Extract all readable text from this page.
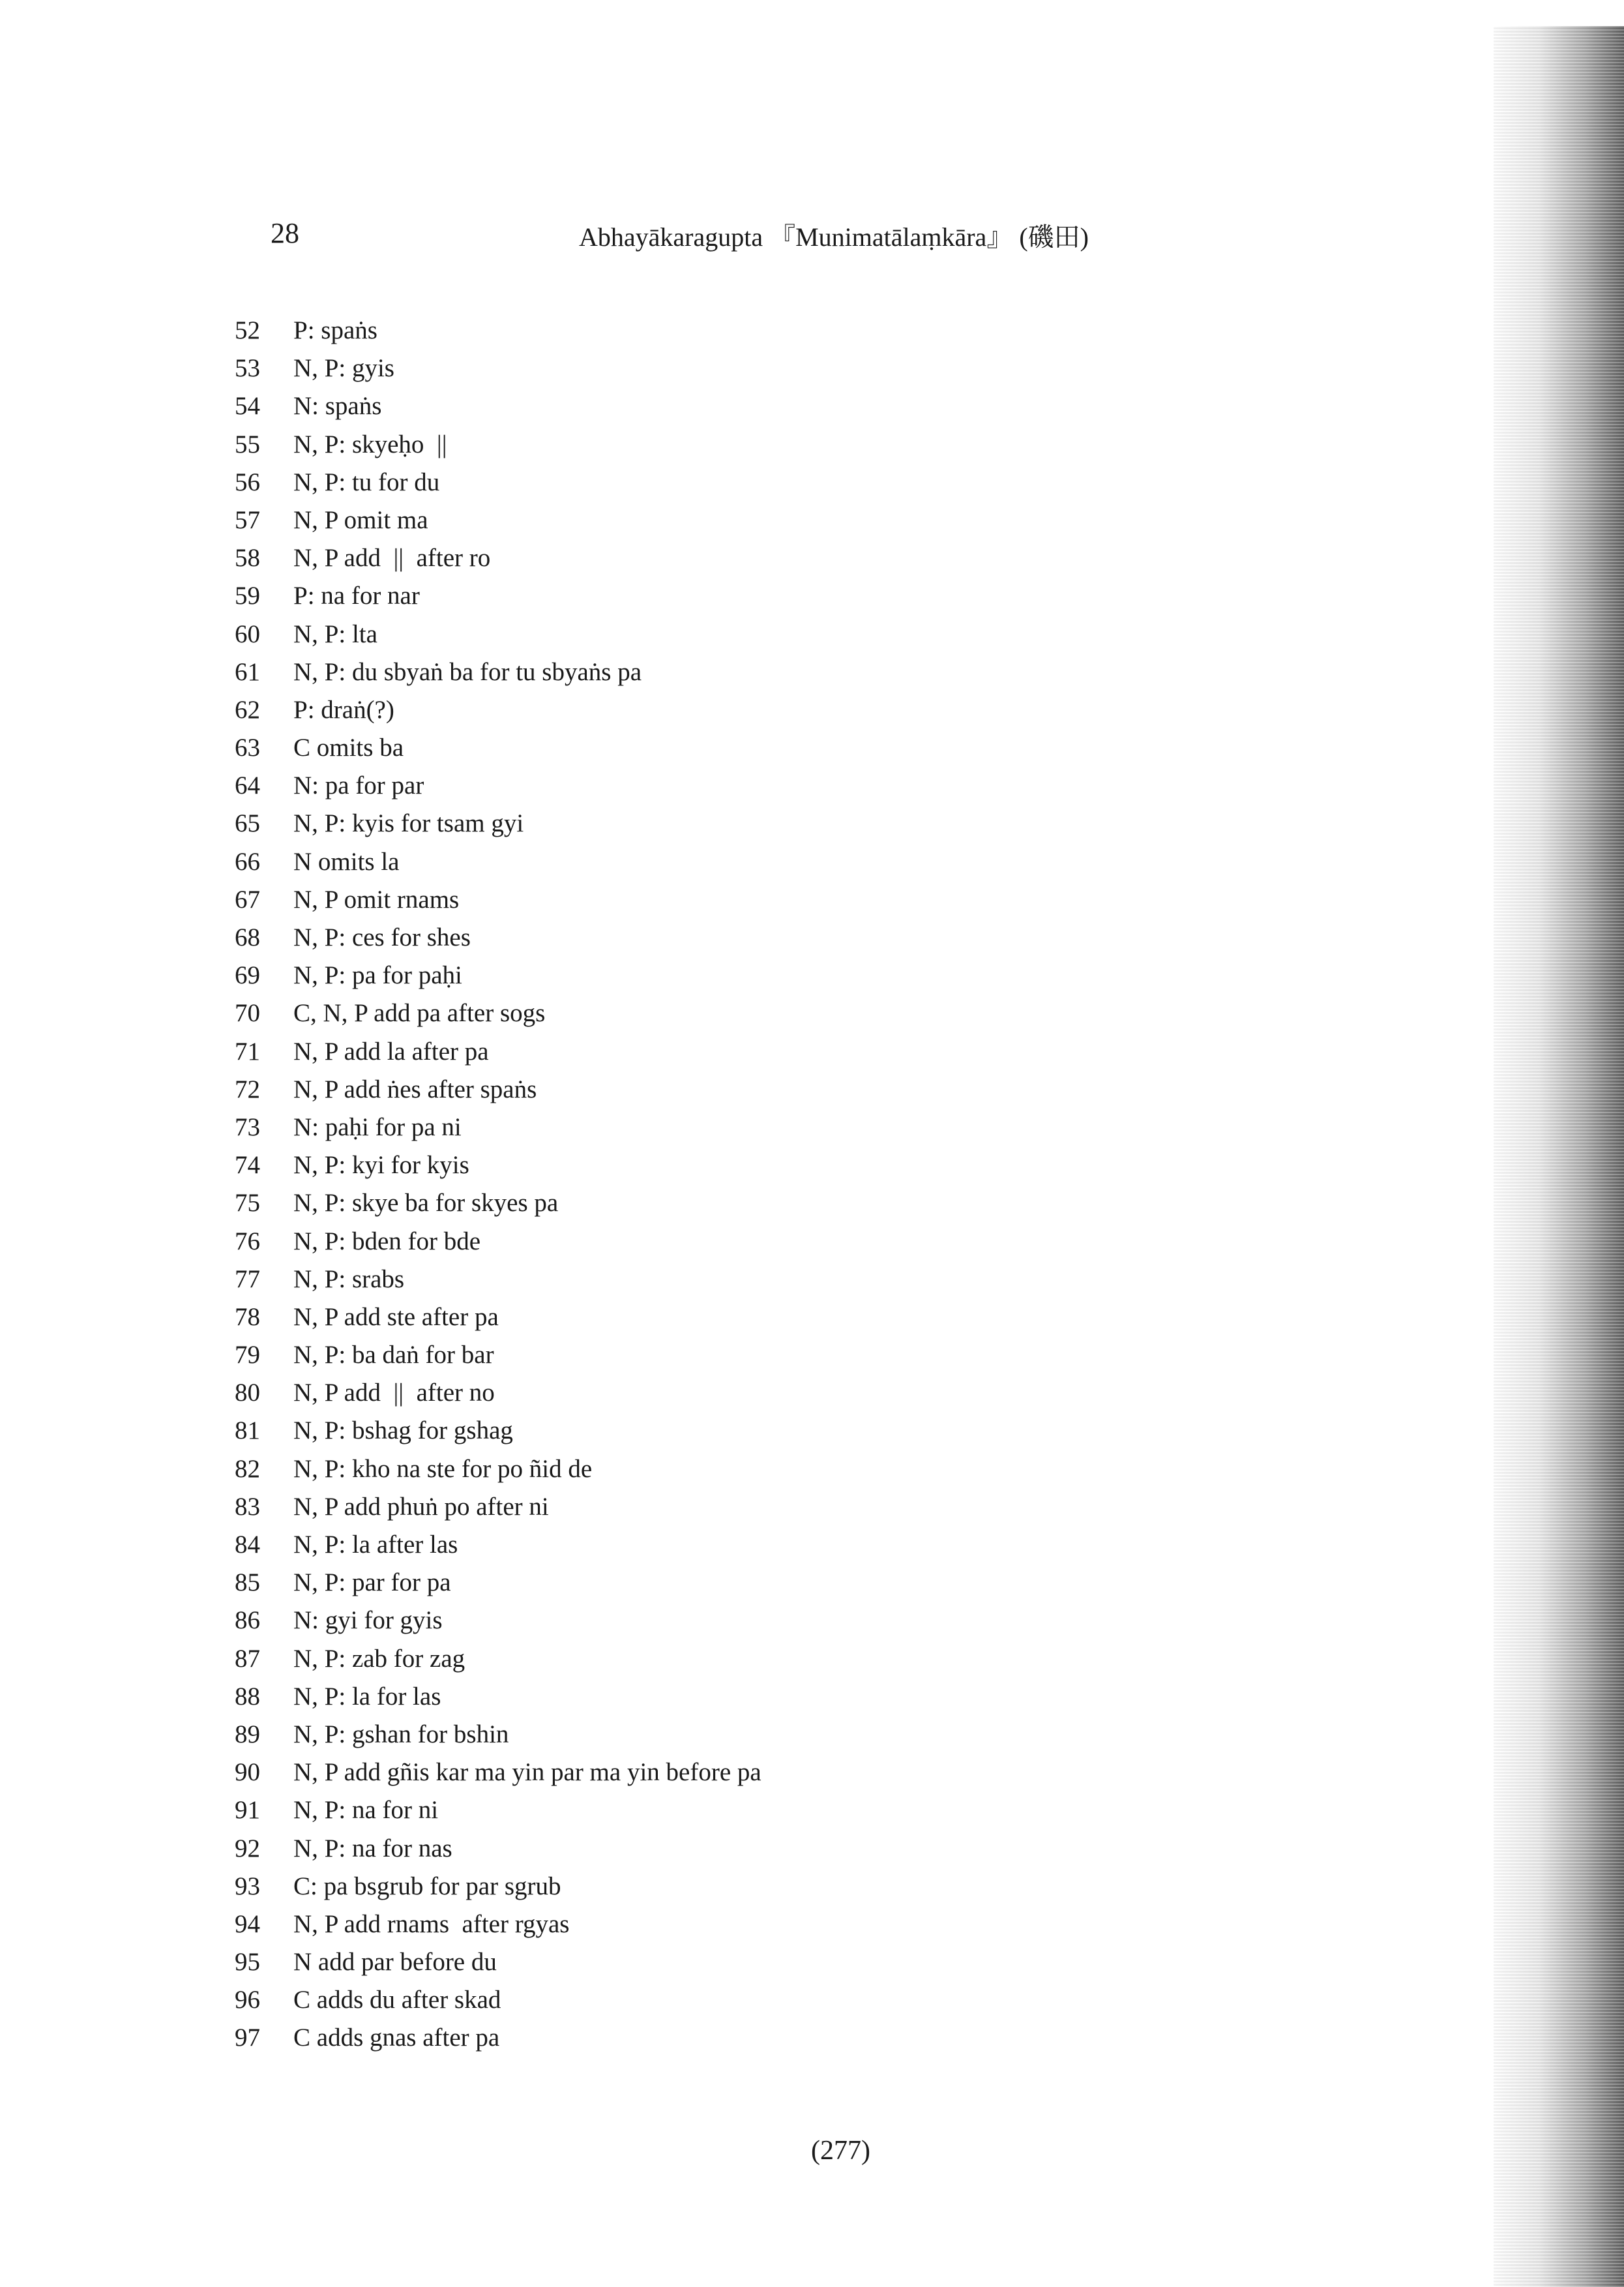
28	Abhayākaragupta 『Munimatālaṃkāra』 (磯田)
52	P: spaṅs
53	N, P: gyis
54	N: spaṅs
55	N, P: skyeḥo  ||
56	N, P: tu for du
57	N, P omit ma
58	N, P add  ||  after ro
59	P: na for nar
60	N, P: lta
61	N, P: du sbyaṅ ba for tu sbyaṅs pa
62	P: draṅ(?)
63	C omits ba
64	N: pa for par
65	N, P: kyis for tsam gyi
66	N omits la
67	N, P omit rnams
68	N, P: ces for shes
69	N, P: pa for paḥi
70	C, N, P add pa after sogs
71	N, P add la after pa
72	N, P add ṅes after spaṅs
73	N: paḥi for pa ni
74	N, P: kyi for kyis
75	N, P: skye ba for skyes pa
76	N, P: bden for bde
77	N, P: srabs
78	N, P add ste after pa
79	N, P: ba daṅ for bar
80	N, P add  ||  after no
81	N, P: bshag for gshag
82	N, P: kho na ste for po ñid de
83	N, P add phuṅ po after ni
84	N, P: la after las
85	N, P: par for pa
86	N: gyi for gyis
87	N, P: zab for zag
88	N, P: la for las
89	N, P: gshan for bshin
90	N, P add gñis kar ma yin par ma yin before pa
91	N, P: na for ni
92	N, P: na for nas
93	C: pa bsgrub for par sgrub
94	N, P add rnams  after rgyas
95	N add par before du
96	C adds du after skad
97	C adds gnas after pa
(277)
